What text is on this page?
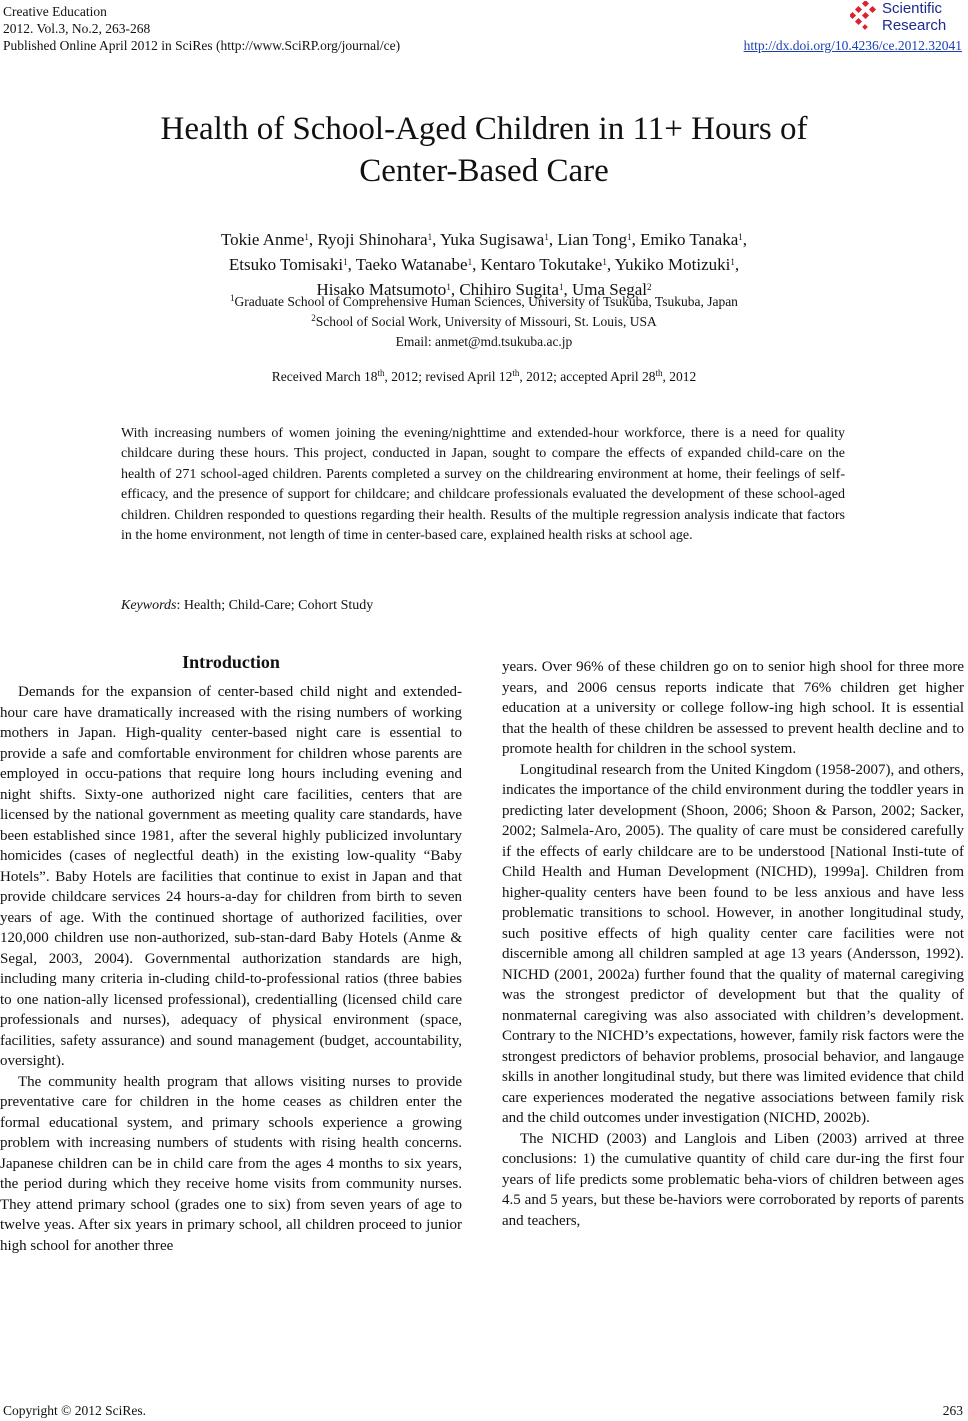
Creative Education
2012. Vol.3, No.2, 263-268
Published Online April 2012 in SciRes (http://www.SciRP.org/journal/ce)
Scientific
Research
http://dx.doi.org/10.4236/ce.2012.32041
Health of School-Aged Children in 11+ Hours of
Center-Based Care
Tokie Anme$^1$, Ryoji Shinohara$^1$, Yuka Sugisawa$^1$, Lian Tong$^1$, Emiko Tanaka$^1$,
Etsuko Tomisaki$^1$, Taeko Watanabe$^1$, Kentaro Tokutake$^1$, Yukiko Motizuki$^1$,
Hisako Matsumoto$^1$, Chihiro Sugita$^1$, Uma Segal$^2$
$^1$Graduate School of Comprehensive Human Sciences, University of Tsukuba, Tsukuba, Japan
$^2$School of Social Work, University of Missouri, St. Louis, USA
Email: anmet@md.tsukuba.ac.jp
Received March 18th, 2012; revised April 12th, 2012; accepted April 28th, 2012
With increasing numbers of women joining the evening/nighttime and extended-hour workforce, there is a need for quality childcare during these hours. This project, conducted in Japan, sought to compare the effects of expanded child-care on the health of 271 school-aged children. Parents completed a survey on the childrearing environment at home, their feelings of self-efficacy, and the presence of support for childcare; and childcare professionals evaluated the development of these school-aged children. Children responded to questions regarding their health. Results of the multiple regression analysis indicate that factors in the home environment, not length of time in center-based care, explained health risks at school age.
Keywords: Health; Child-Care; Cohort Study
Introduction

Demands for the expansion of center-based child night and extended-hour care have dramatically increased with the rising numbers of working mothers in Japan. High-quality center-based night care is essential to provide a safe and comfortable environment for children whose parents are employed in occu-pations that require long hours including evening and night shifts. Sixty-one authorized night care facilities, centers that are licensed by the national government as meeting quality care standards, have been established since 1981, after the several highly publicized involuntary homicides (cases of neglectful death) in the existing low-quality “Baby Hotels”. Baby Hotels are facilities that continue to exist in Japan and that provide childcare services 24 hours-a-day for children from birth to seven years of age. With the continued shortage of authorized facilities, over 120,000 children use non-authorized, sub-stan-dard Baby Hotels (Anme & Segal, 2003, 2004). Governmental authorization standards are high, including many criteria in-cluding child-to-professional ratios (three babies to one nation-ally licensed professional), credentialling (licensed child care professionals and nurses), adequacy of physical environment (space, facilities, safety assurance) and sound management (budget, accountability, oversight).

The community health program that allows visiting nurses to provide preventative care for children in the home ceases as children enter the formal educational system, and primary schools experience a growing problem with increasing numbers of students with rising health concerns. Japanese children can be in child care from the ages 4 months to six years, the period during which they receive home visits from community nurses. They attend primary school (grades one to six) from seven years of age to twelve yeas. After six years in primary school, all children proceed to junior high school for another three

years. Over 96% of these children go on to senior high shool for three more years, and 2006 census reports indicate that 76% children get higher education at a university or college follow-ing high school. It is essential that the health of these children be assessed to prevent health decline and to promote health for children in the school system.

Longitudinal research from the United Kingdom (1958-2007), and others, indicates the importance of the child environment during the toddler years in predicting later development (Shoon, 2006; Shoon & Parson, 2002; Sacker, 2002; Salmela-Aro, 2005). The quality of care must be considered carefully if the effects of early childcare are to be understood [National Insti-tute of Child Health and Human Development (NICHD), 1999a]. Children from higher-quality centers have been found to be less anxious and have less problematic transitions to school. However, in another longitudinal study, such positive effects of high quality center care facilities were not discernible among all children sampled at age 13 years (Andersson, 1992). NICHD (2001, 2002a) further found that the quality of maternal caregiving was the strongest predictor of development but that the quality of nonmaternal caregiving was also associated with children’s development. Contrary to the NICHD’s expectations, however, family risk factors were the strongest predictors of behavior problems, prosocial behavior, and langauge skills in another longitudinal study, but there was limited evidence that child care experiences moderated the negative associations between family risk and the child outcomes under investigation (NICHD, 2002b).

The NICHD (2003) and Langlois and Liben (2003) arrived at three conclusions: 1) the cumulative quantity of child care dur-ing the first four years of life predicts some problematic beha-viors of children between ages 4.5 and 5 years, but these be-haviors were corroborated by reports of parents and teachers,

Copyright © 2012 SciRes.	263
